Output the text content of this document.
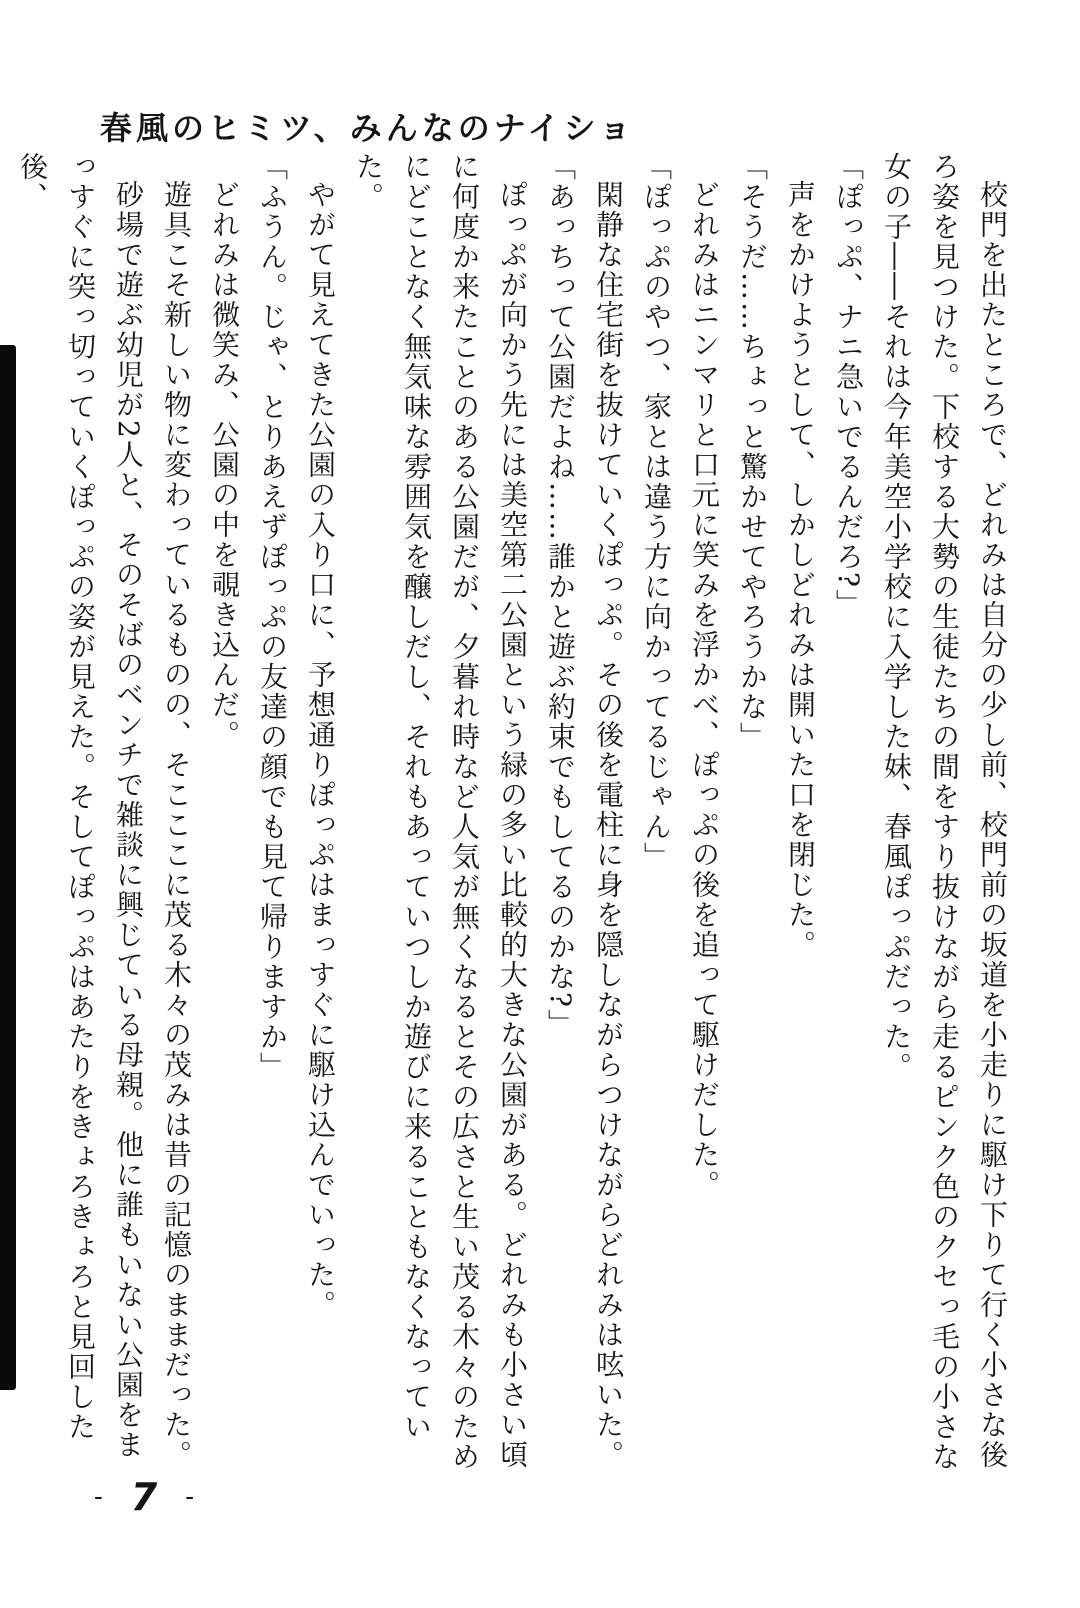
春風のヒミツ、みんなのナイショ

校門を出たところで、どれみは自分の少し前、校門前の坂道を小走りに駆け下りて行く小さな後ろ姿を見つけた。下校する大勢の生徒たちの間をすり抜けながら走るピンク色のクセっ毛の小さな女の子――それは今年美空小学校に入学した妹、春風ぽっぷだった。

「ぽっぷ、ナニ急いでるんだろ?」

声をかけようとして、しかしどれみは開いた口を閉じた。

「そうだ……ちょっと驚かせてやろうかな」

どれみはニンマリと口元に笑みを浮かべ、ぽっぷの後を追って駆けだした。

「ぽっぷのやつ、家とは違う方に向かってるじゃん」

閑静な住宅街を抜けていくぽっぷ。その後を電柱に身を隠しながらつけながらどれみは呟いた。

「あっちって公園だよね……誰かと遊ぶ約束でもしてるのかな?」

ぽっぷが向かう先には美空第二公園という緑の多い比較的大きな公園がある。どれみも小さい頃に何度か来たことのある公園だが、夕暮れ時など人気が無くなるとその広さと生い茂る木々のためにどことなく無気味な雰囲気を醸しだし、それもあっていつしか遊びに来ることもなくなっていた。

やがて見えてきた公園の入り口に、予想通りぽっぷはまっすぐに駆け込んでいった。

「ふうん。じゃ、とりあえずぽっぷの友達の顔でも見て帰りますか」

どれみは微笑み、公園の中を覗き込んだ。

遊具こそ新しい物に変わっているものの、そこここに茂る木々の茂みは昔の記憶のままだった。

砂場で遊ぶ幼児が2人と、そのそばのベンチで雑談に興じている母親。他に誰もいない公園をまっすぐに突っ切っていくぽっぷの姿が見えた。そしてぽっぷはあたりをきょろきょろと見回した後、

- 7 -
